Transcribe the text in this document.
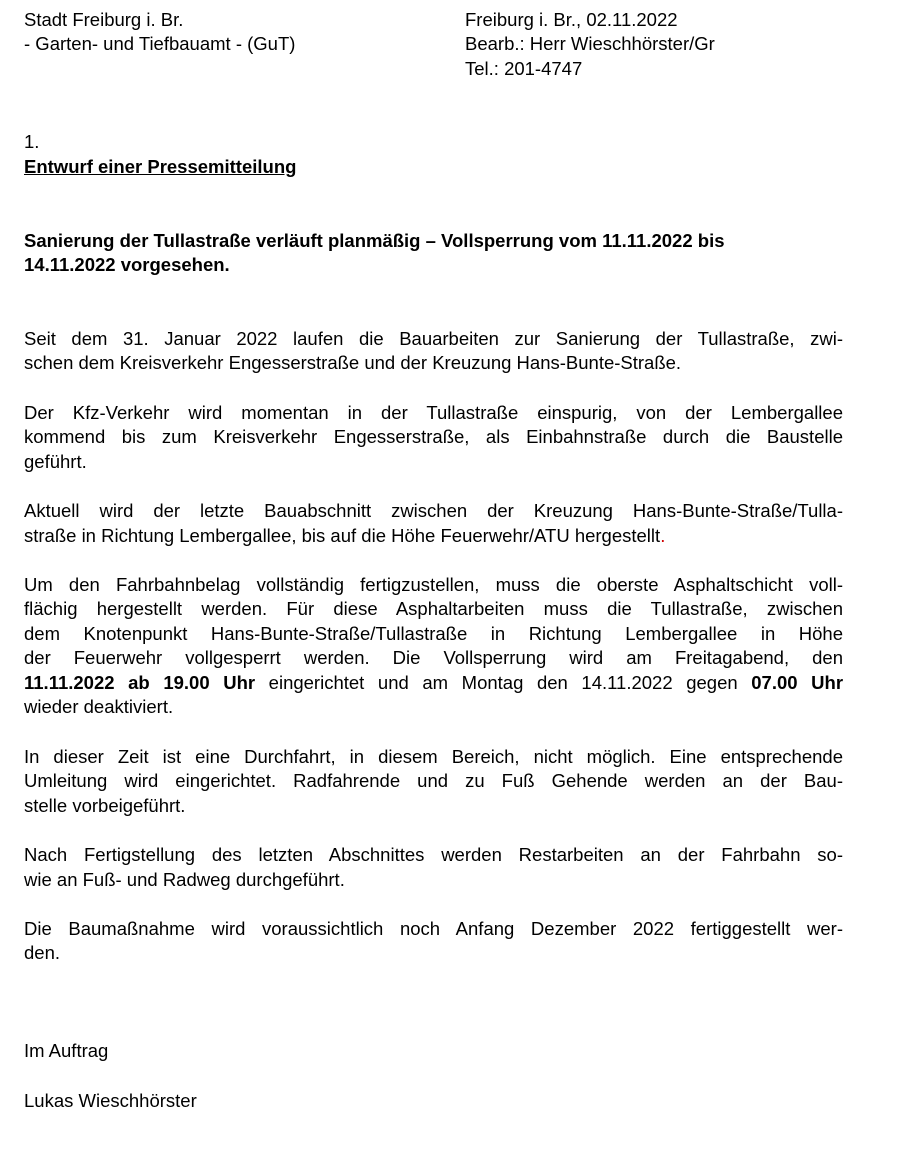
Stadt Freiburg i. Br.
- Garten- und Tiefbauamt - (GuT)
Freiburg i. Br., 02.11.2022
Bearb.: Herr Wieschhörster/Gr
Tel.: 201-4747
1.
Entwurf einer Pressemitteilung
Sanierung der Tullastraße verläuft planmäßig – Vollsperrung vom 11.11.2022 bis
14.11.2022 vorgesehen.
Seit dem 31. Januar 2022 laufen die Bauarbeiten zur Sanierung der Tullastraße, zwi-
schen dem Kreisverkehr Engesserstraße und der Kreuzung Hans-Bunte-Straße.
Der Kfz-Verkehr wird momentan in der Tullastraße einspurig, von der Lembergallee
kommend bis zum Kreisverkehr Engesserstraße, als Einbahnstraße durch die Baustelle
geführt.
Aktuell wird der letzte Bauabschnitt zwischen der Kreuzung Hans-Bunte-Straße/Tulla-
straße in Richtung Lembergallee, bis auf die Höhe Feuerwehr/ATU hergestellt.
Um den Fahrbahnbelag vollständig fertigzustellen, muss die oberste Asphaltschicht voll-
flächig hergestellt werden. Für diese Asphaltarbeiten muss die Tullastraße, zwischen
dem Knotenpunkt Hans-Bunte-Straße/Tullastraße in Richtung Lembergallee in Höhe
der Feuerwehr vollgesperrt werden. Die Vollsperrung wird am Freitagabend, den
11.11.2022 ab 19.00 Uhr eingerichtet und am Montag den 14.11.2022 gegen 07.00 Uhr
wieder deaktiviert.
In dieser Zeit ist eine Durchfahrt, in diesem Bereich, nicht möglich. Eine entsprechende
Umleitung wird eingerichtet. Radfahrende und zu Fuß Gehende werden an der Bau-
stelle vorbeigeführt.
Nach Fertigstellung des letzten Abschnittes werden Restarbeiten an der Fahrbahn so-
wie an Fuß- und Radweg durchgeführt.
Die Baumaßnahme wird voraussichtlich noch Anfang Dezember 2022 fertiggestellt wer-
den.
Im Auftrag
Lukas Wieschhörster
